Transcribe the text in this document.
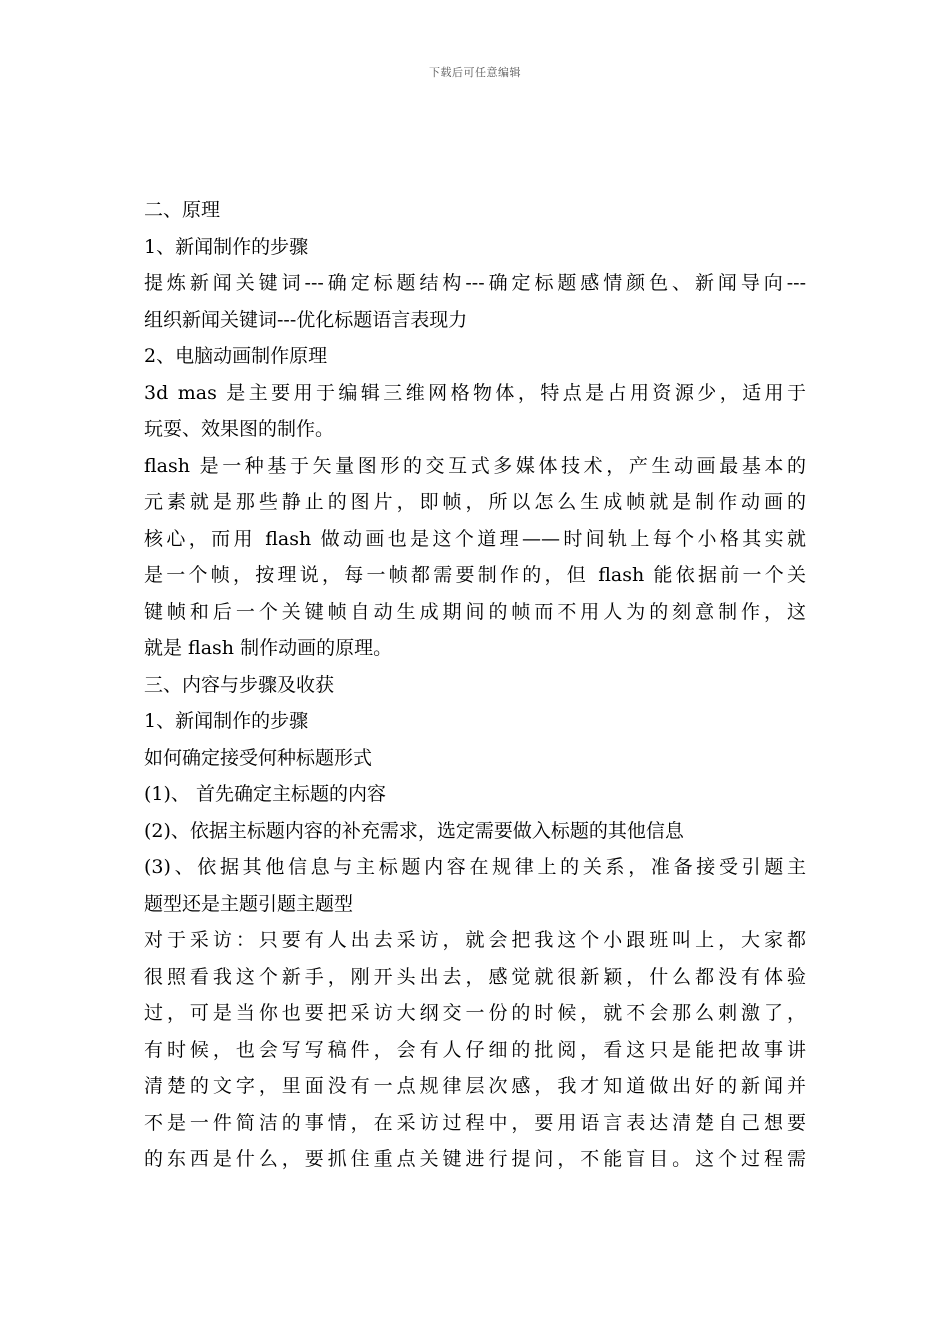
下载后可任意编辑
二、原理
1、新闻制作的步骤
提炼新闻关键词---确定标题结构---确定标题感情颜色、新闻导向---
组织新闻关键词---优化标题语言表现力
2、电脑动画制作原理
3d mas 是主要用于编辑三维网格物体，特点是占用资源少，适用于
玩耍、效果图的制作。
flash 是一种基于矢量图形的交互式多媒体技术，产生动画最基本的
元素就是那些静止的图片，即帧，所以怎么生成帧就是制作动画的
核心，而用 flash 做动画也是这个道理——时间轨上每个小格其实就
是一个帧，按理说，每一帧都需要制作的，但 flash 能依据前一个关
键帧和后一个关键帧自动生成期间的帧而不用人为的刻意制作，这
就是 flash 制作动画的原理。
三、内容与步骤及收获
1、新闻制作的步骤
如何确定接受何种标题形式
(1)、 首先确定主标题的内容
(2)、依据主标题内容的补充需求，选定需要做入标题的其他信息
(3)、依据其他信息与主标题内容在规律上的关系，准备接受引题主
题型还是主题引题主题型
对于采访：只要有人出去采访，就会把我这个小跟班叫上，大家都
很照看我这个新手，刚开头出去，感觉就很新颖，什么都没有体验
过，可是当你也要把采访大纲交一份的时候，就不会那么刺激了，
有时候，也会写写稿件，会有人仔细的批阅，看这只是能把故事讲
清楚的文字，里面没有一点规律层次感，我才知道做出好的新闻并
不是一件简洁的事情，在采访过程中，要用语言表达清楚自己想要
的东西是什么，要抓住重点关键进行提问，不能盲目。这个过程需
